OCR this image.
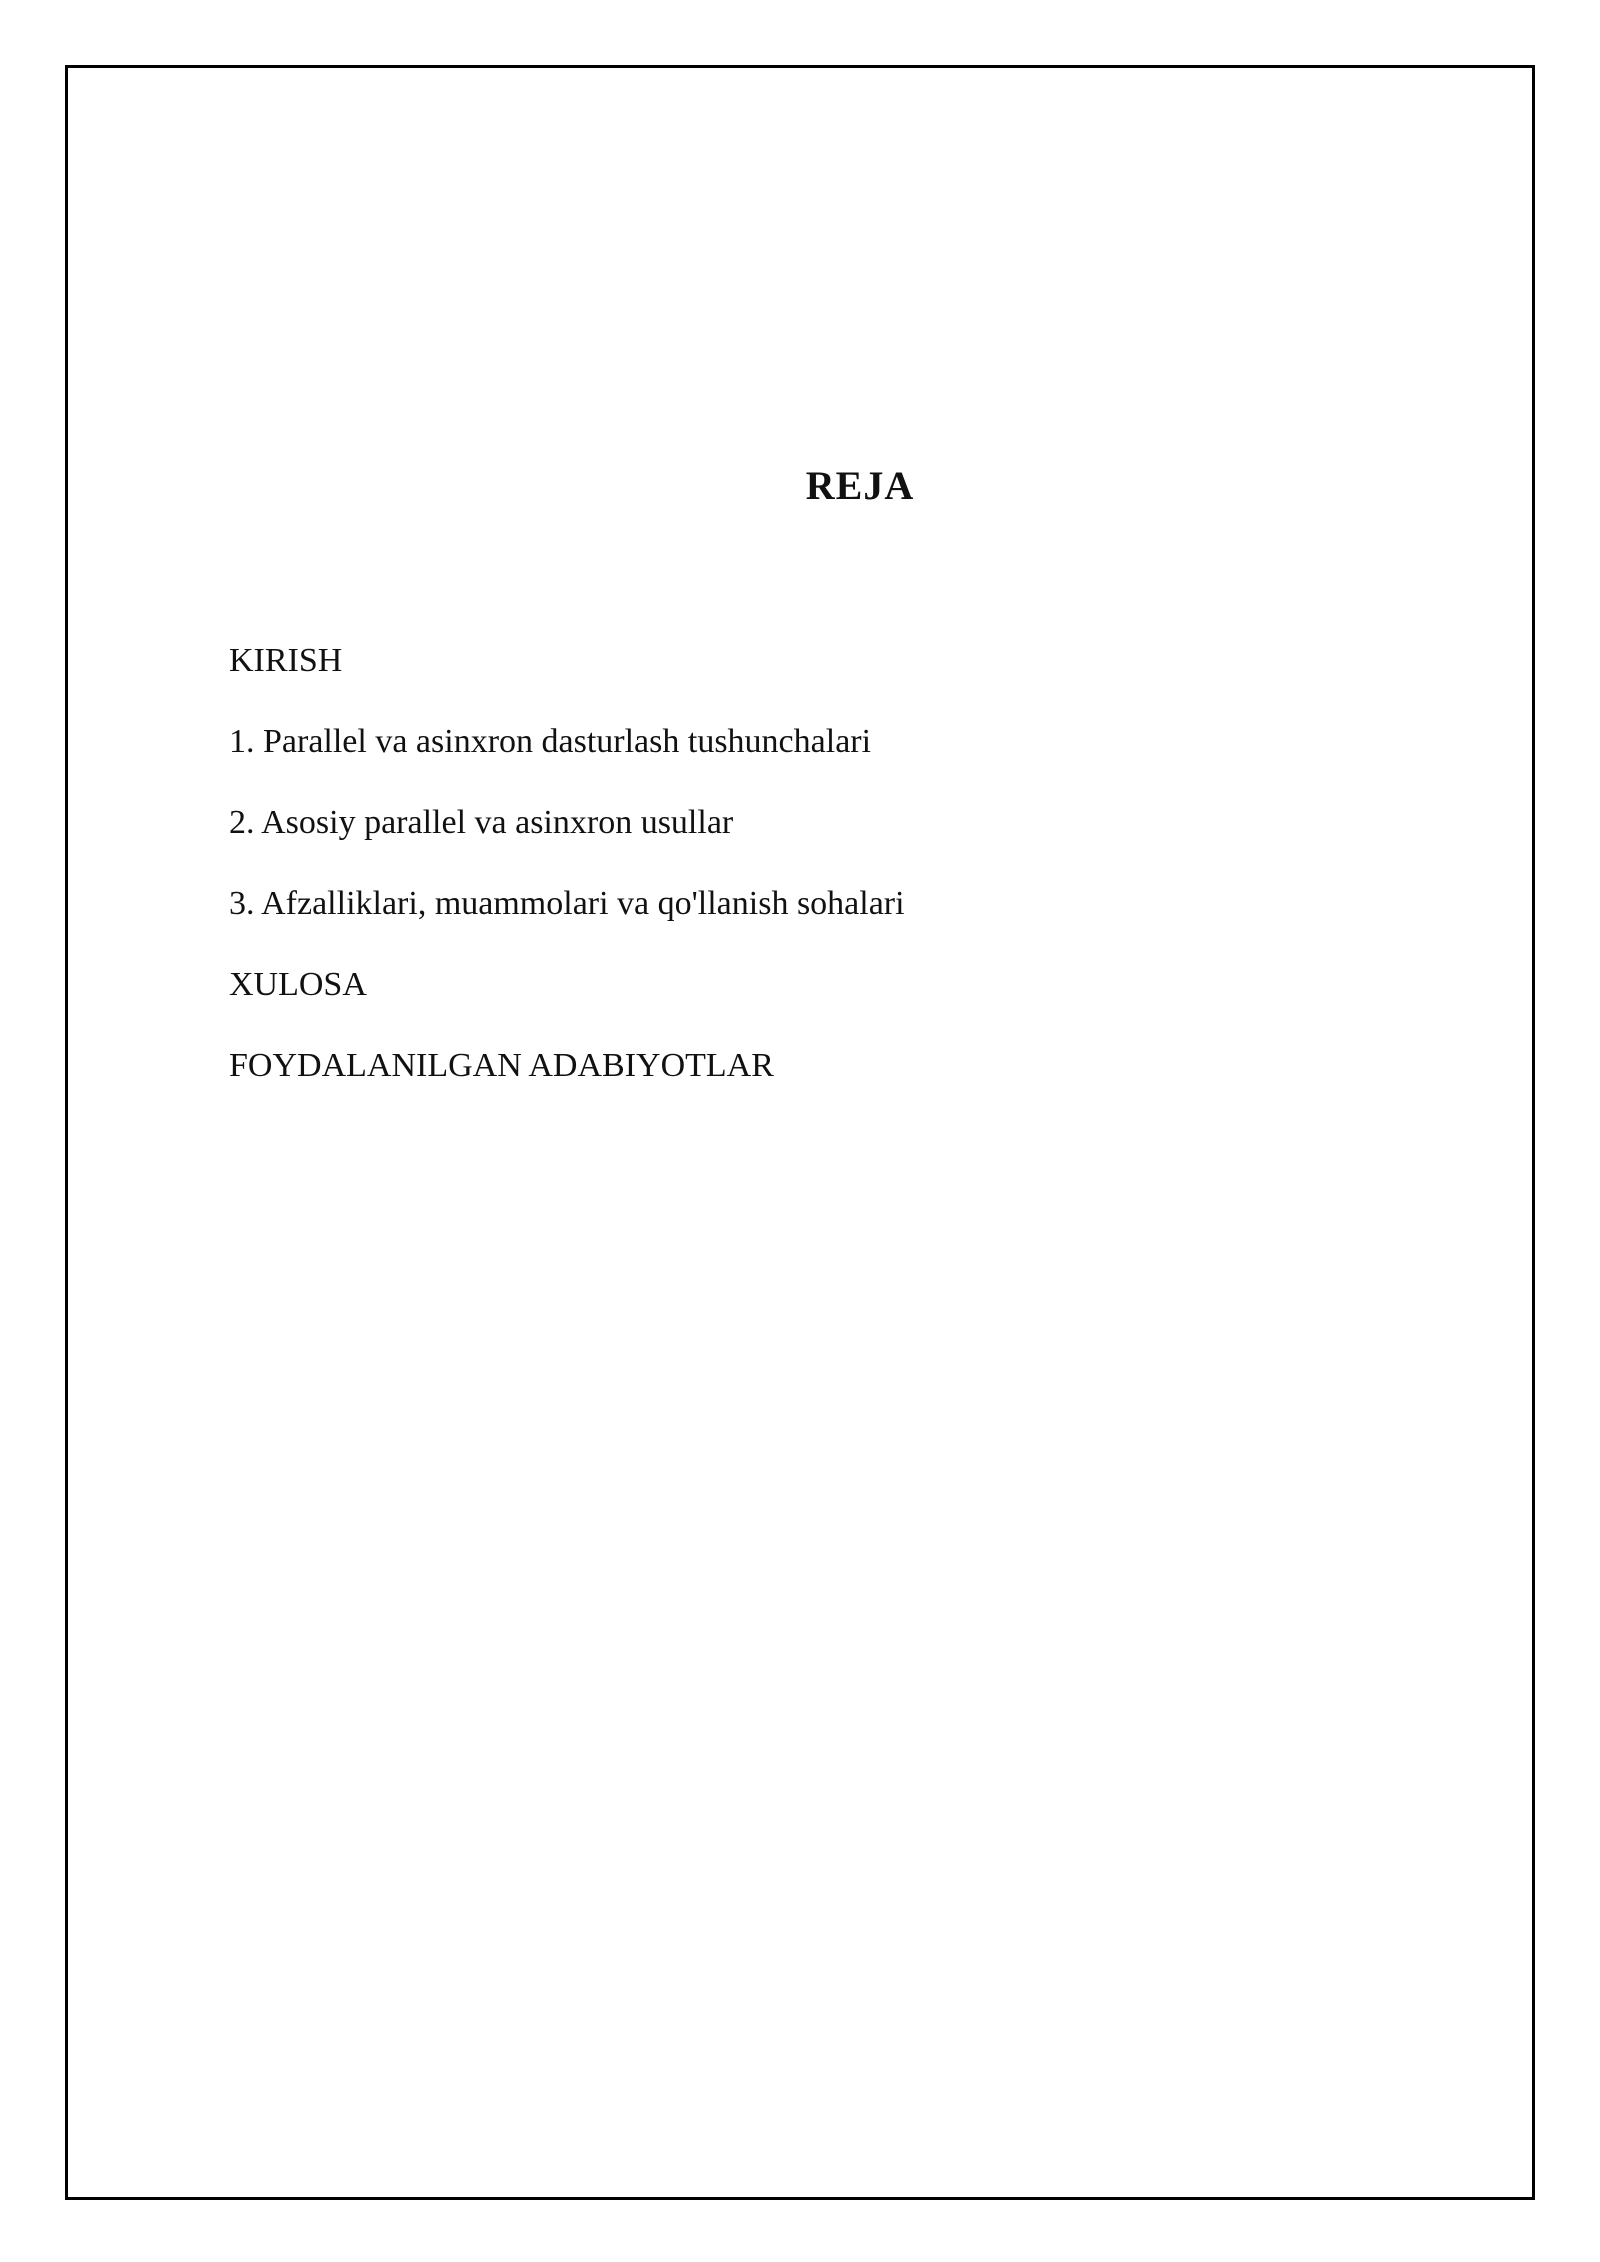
REJA
KIRISH
1. Parallel va asinxron dasturlash tushunchalari
2. Asosiy parallel va asinxron usullar
3. Afzalliklari, muammolari va qo'llanish sohalari
XULOSA
FOYDALANILGAN ADABIYOTLAR
